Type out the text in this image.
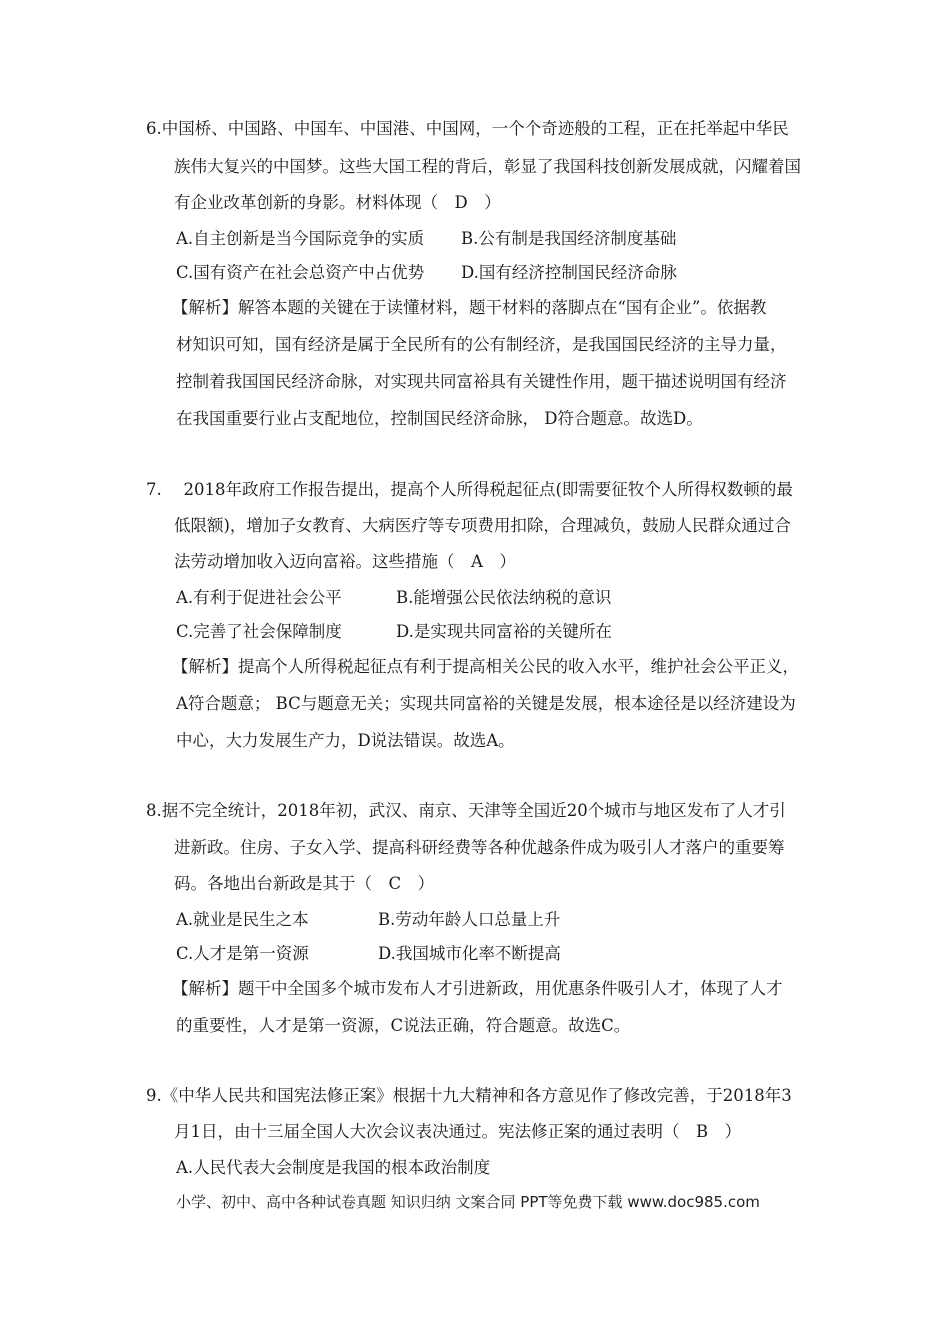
6.中国桥、中国路、中国车、中国港、中国网，一个个奇迹般的工程，正在托举起中华民
族伟大复兴的中国梦。这些大国工程的背后，彰显了我国科技创新发展成就，闪耀着国
有企业改革创新的身影。材料体现（　D　）
A.自主创新是当今国际竞争的实质 B.公有制是我国经济制度基础
C.国有资产在社会总资产中占优势 D.国有经济控制国民经济命脉
【解析】解答本题的关键在于读懂材料，题干材料的落脚点在“国有企业”。依据教
材知识可知，国有经济是属于全民所有的公有制经济，是我国国民经济的主导力量，
控制着我国国民经济命脉，对实现共同富裕具有关键性作用，题干描述说明国有经济
在我国重要行业占支配地位，控制国民经济命脉， D符合题意。故选D。
7.　 2018年政府工作报告提出，提高个人所得税起征点(即需要征牧个人所得权数顿的最
低限额)，增加子女教育、大病医疗等专项费用扣除，合理减负，鼓励人民群众通过合
法劳动增加收入迈向富裕。这些措施（　A　）
A.有利于促进社会公平	B.能增强公民依法纳税的意识
C.完善了社会保障制度	D.是实现共同富裕的关键所在
【解析】提高个人所得税起征点有利于提高相关公民的收入水平，维护社会公平正义，
A符合题意； BC与题意无关；实现共同富裕的关键是发展，根本途径是以经济建设为
中心，大力发展生产力，D说法错误。故选A。
8.据不完全统计，2018年初，武汉、南京、天津等全国近20个城市与地区发布了人才引
进新政。住房、子女入学、提高科研经费等各种优越条件成为吸引人才落户的重要筹
码。各地出台新政是其于（　C　）
A.就业是民生之本	B.劳动年龄人口总量上升
C.人才是第一资源	D.我国城市化率不断提高
【解析】题干中全国多个城市发布人才引进新政，用优惠条件吸引人才，体现了人才
的重要性，人才是第一资源，C说法正确，符合题意。故选C。
9.《中华人民共和国宪法修正案》根据十九大精神和各方意见作了修改完善，于2018年3
月1日，由十三届全国人大次会议表决通过。宪法修正案的通过表明（　B　）
A.人民代表大会制度是我国的根本政治制度
小学、初中、高中各种试卷真题 知识归纳 文案合同 PPT等免费下载 www.doc985.com
